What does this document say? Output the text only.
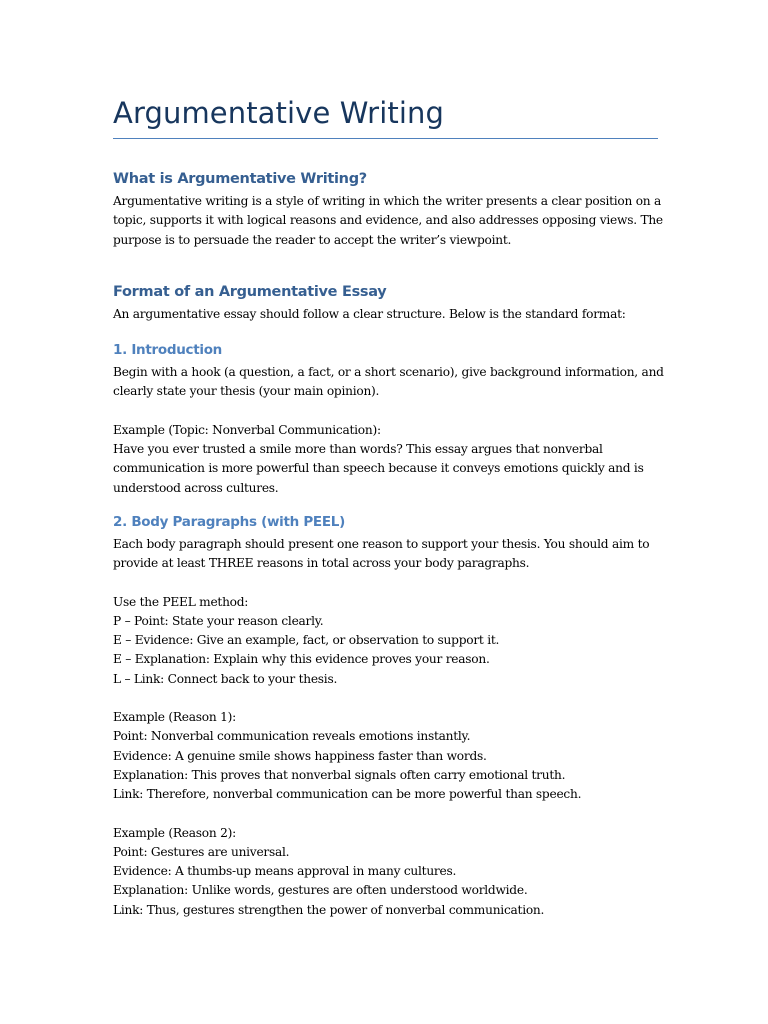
Argumentative Writing
What is Argumentative Writing?
Argumentative writing is a style of writing in which the writer presents a clear position on a
topic, supports it with logical reasons and evidence, and also addresses opposing views. The
purpose is to persuade the reader to accept the writer’s viewpoint.
Format of an Argumentative Essay
An argumentative essay should follow a clear structure. Below is the standard format:
1. Introduction
Begin with a hook (a question, a fact, or a short scenario), give background information, and
clearly state your thesis (your main opinion).
Example (Topic: Nonverbal Communication):
Have you ever trusted a smile more than words? This essay argues that nonverbal
communication is more powerful than speech because it conveys emotions quickly and is
understood across cultures.
2. Body Paragraphs (with PEEL)
Each body paragraph should present one reason to support your thesis. You should aim to
provide at least THREE reasons in total across your body paragraphs.
Use the PEEL method:
P – Point: State your reason clearly.
E – Evidence: Give an example, fact, or observation to support it.
E – Explanation: Explain why this evidence proves your reason.
L – Link: Connect back to your thesis.
Example (Reason 1):
Point: Nonverbal communication reveals emotions instantly.
Evidence: A genuine smile shows happiness faster than words.
Explanation: This proves that nonverbal signals often carry emotional truth.
Link: Therefore, nonverbal communication can be more powerful than speech.
Example (Reason 2):
Point: Gestures are universal.
Evidence: A thumbs-up means approval in many cultures.
Explanation: Unlike words, gestures are often understood worldwide.
Link: Thus, gestures strengthen the power of nonverbal communication.
